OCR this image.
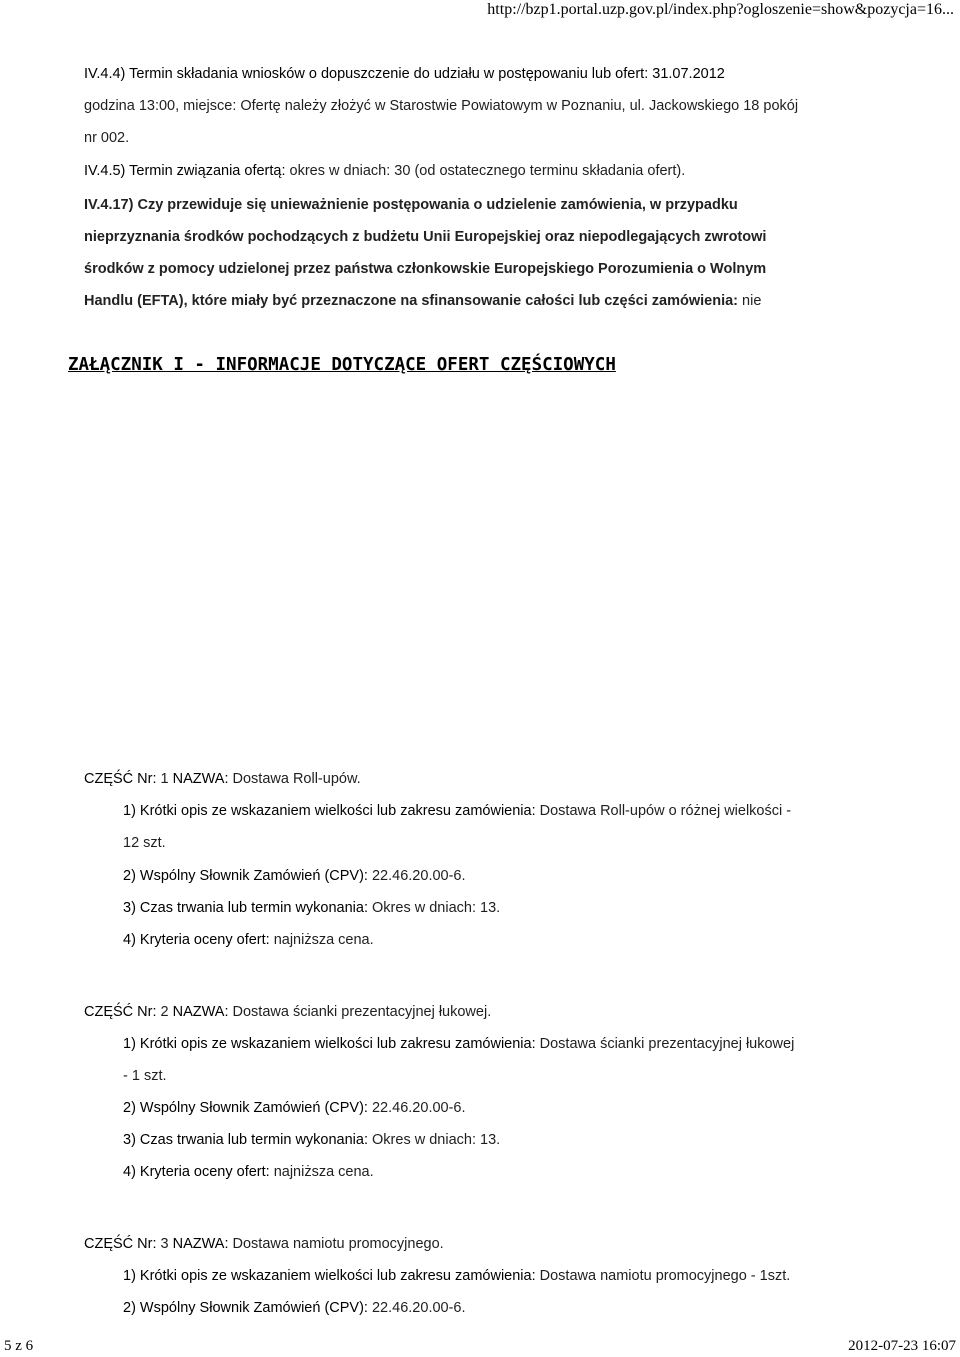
http://bzp1.portal.uzp.gov.pl/index.php?ogloszenie=show&pozycja=16...
IV.4.4) Termin składania wniosków o dopuszczenie do udziału w postępowaniu lub ofert: 31.07.2012
godzina 13:00, miejsce: Ofertę należy złożyć w Starostwie Powiatowym w Poznaniu, ul. Jackowskiego 18 pokój
nr 002.
IV.4.5) Termin związania ofertą: okres w dniach: 30 (od ostatecznego terminu składania ofert).
IV.4.17) Czy przewiduje się unieważnienie postępowania o udzielenie zamówienia, w przypadku
nieprzyznania środków pochodzących z budżetu Unii Europejskiej oraz niepodlegających zwrotowi
środków z pomocy udzielonej przez państwa członkowskie Europejskiego Porozumienia o Wolnym
Handlu (EFTA), które miały być przeznaczone na sfinansowanie całości lub części zamówienia: nie
ZAŁĄCZNIK I - INFORMACJE DOTYCZĄCE OFERT CZĘŚCIOWYCH
CZĘŚĆ Nr: 1 NAZWA: Dostawa Roll-upów.
1) Krótki opis ze wskazaniem wielkości lub zakresu zamówienia: Dostawa Roll-upów o różnej wielkości -
12 szt.
2) Wspólny Słownik Zamówień (CPV): 22.46.20.00-6.
3) Czas trwania lub termin wykonania: Okres w dniach: 13.
4) Kryteria oceny ofert: najniższa cena.
CZĘŚĆ Nr: 2 NAZWA: Dostawa ścianki prezentacyjnej łukowej.
1) Krótki opis ze wskazaniem wielkości lub zakresu zamówienia: Dostawa ścianki prezentacyjnej łukowej
- 1 szt.
2) Wspólny Słownik Zamówień (CPV): 22.46.20.00-6.
3) Czas trwania lub termin wykonania: Okres w dniach: 13.
4) Kryteria oceny ofert: najniższa cena.
CZĘŚĆ Nr: 3 NAZWA: Dostawa namiotu promocyjnego.
1) Krótki opis ze wskazaniem wielkości lub zakresu zamówienia: Dostawa namiotu promocyjnego - 1szt.
2) Wspólny Słownik Zamówień (CPV): 22.46.20.00-6.
5 z 6	2012-07-23 16:07
